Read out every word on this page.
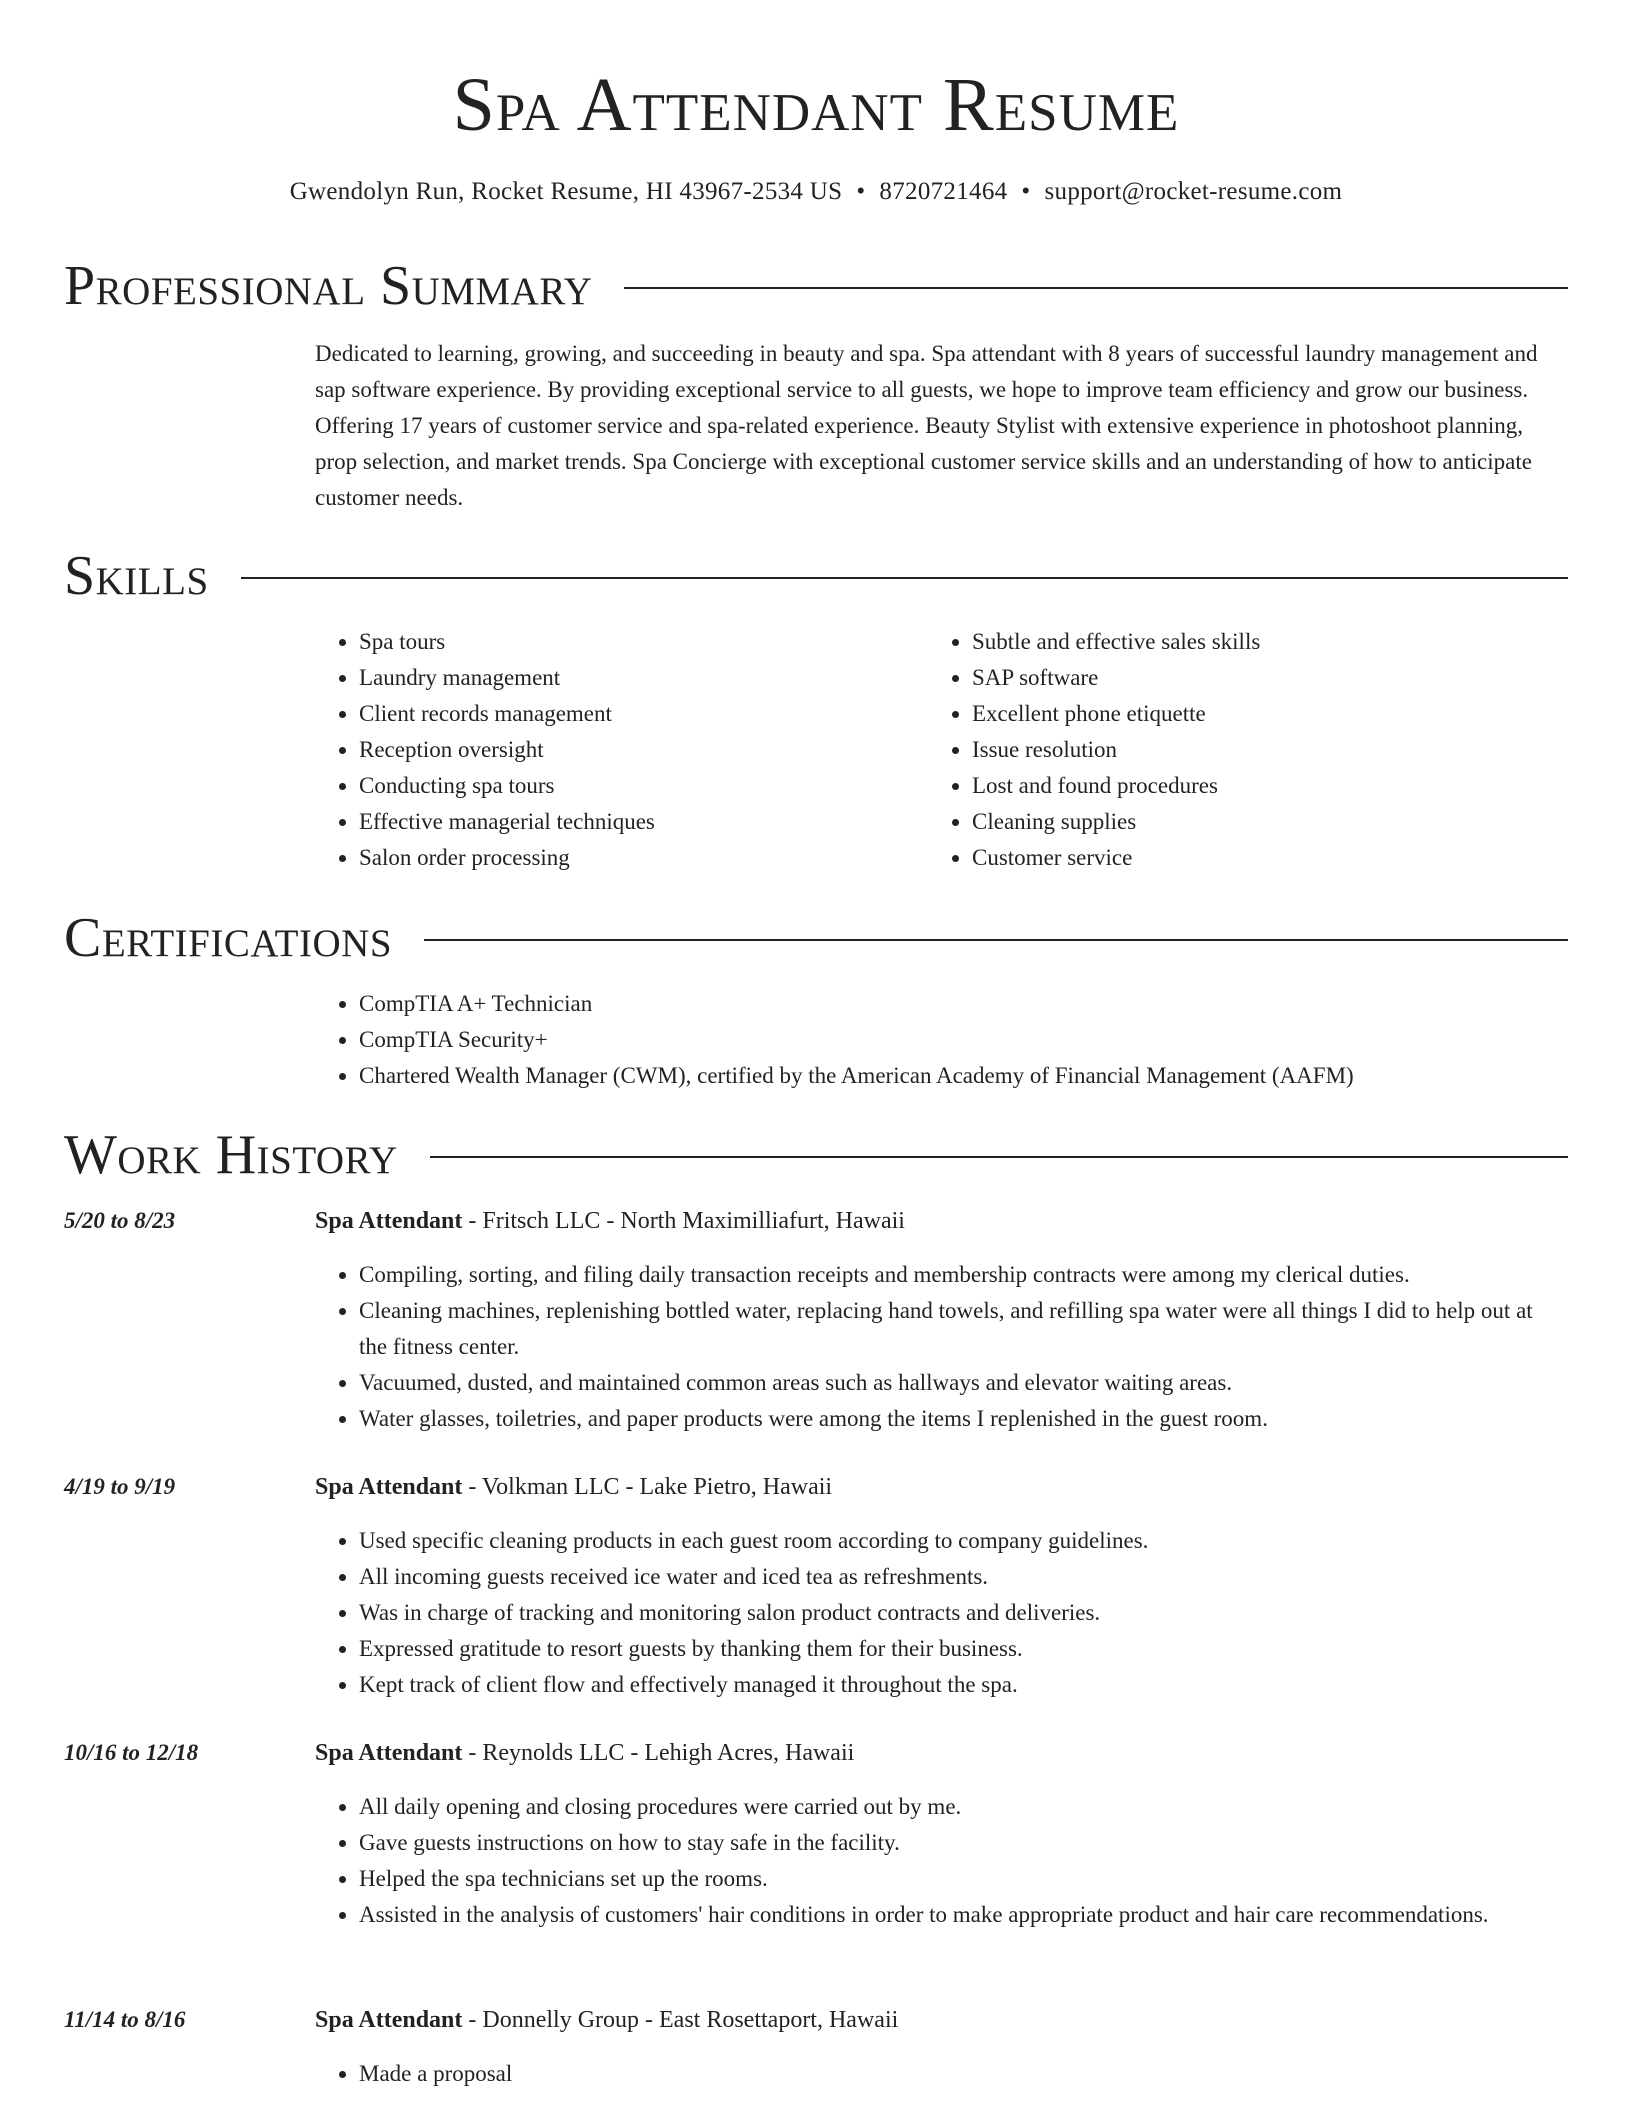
Spa Attendant Resume
Gwendolyn Run, Rocket Resume, HI 43967-2534 US • 8720721464 • support@rocket-resume.com
Professional Summary
Dedicated to learning, growing, and succeeding in beauty and spa. Spa attendant with 8 years of successful laundry management and sap software experience. By providing exceptional service to all guests, we hope to improve team efficiency and grow our business. Offering 17 years of customer service and spa-related experience. Beauty Stylist with extensive experience in photoshoot planning, prop selection, and market trends. Spa Concierge with exceptional customer service skills and an understanding of how to anticipate customer needs.
Skills
• Spa tours
• Laundry management
• Client records management
• Reception oversight
• Conducting spa tours
• Effective managerial techniques
• Salon order processing
• Subtle and effective sales skills
• SAP software
• Excellent phone etiquette
• Issue resolution
• Lost and found procedures
• Cleaning supplies
• Customer service
Certifications
• CompTIA A+ Technician
• CompTIA Security+
• Chartered Wealth Manager (CWM), certified by the American Academy of Financial Management (AAFM)
Work History
5/20 to 8/23	Spa Attendant - Fritsch LLC - North Maximilliafurt, Hawaii
• Compiling, sorting, and filing daily transaction receipts and membership contracts were among my clerical duties.
• Cleaning machines, replenishing bottled water, replacing hand towels, and refilling spa water were all things I did to help out at the fitness center.
• Vacuumed, dusted, and maintained common areas such as hallways and elevator waiting areas.
• Water glasses, toiletries, and paper products were among the items I replenished in the guest room.
4/19 to 9/19	Spa Attendant - Volkman LLC - Lake Pietro, Hawaii
• Used specific cleaning products in each guest room according to company guidelines.
• All incoming guests received ice water and iced tea as refreshments.
• Was in charge of tracking and monitoring salon product contracts and deliveries.
• Expressed gratitude to resort guests by thanking them for their business.
• Kept track of client flow and effectively managed it throughout the spa.
10/16 to 12/18	Spa Attendant - Reynolds LLC - Lehigh Acres, Hawaii
• All daily opening and closing procedures were carried out by me.
• Gave guests instructions on how to stay safe in the facility.
• Helped the spa technicians set up the rooms.
• Assisted in the analysis of customers' hair conditions in order to make appropriate product and hair care recommendations.
11/14 to 8/16	Spa Attendant - Donnelly Group - East Rosettaport, Hawaii
• Made a proposal
